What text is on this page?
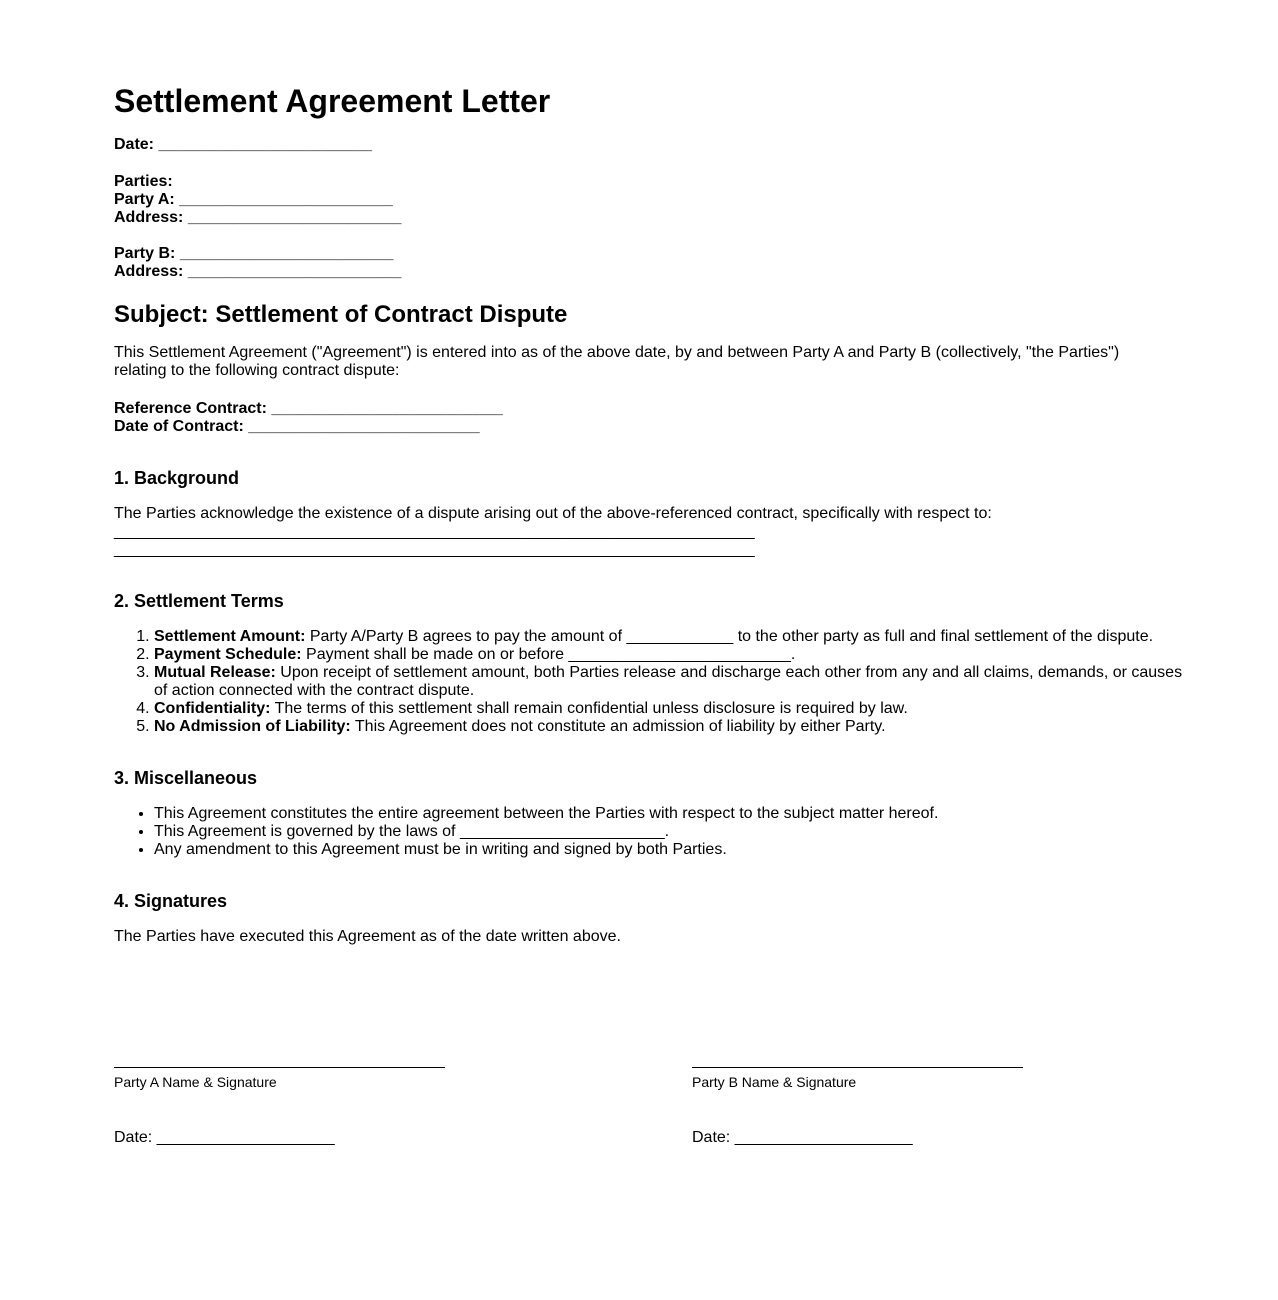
Settlement Agreement Letter
Date: ________________________
Parties:
Party A: ________________________
Address: ________________________
Party B: ________________________
Address: ________________________
Subject: Settlement of Contract Dispute

This Settlement Agreement ("Agreement") is entered into as of the above date, by and between Party A and Party B (collectively, "the Parties") relating to the following contract dispute:

Reference Contract: __________________________
Date of Contract: __________________________
1. Background
The Parties acknowledge the existence of a dispute arising out of the above-referenced contract, specifically with respect to:
________________________________________________________________________
________________________________________________________________________
2. Settlement Terms
1. Settlement Amount: Party A/Party B agrees to pay the amount of ____________ to the other party as full and final settlement of the dispute.
2. Payment Schedule: Payment shall be made on or before _________________________.
3. Mutual Release: Upon receipt of settlement amount, both Parties release and discharge each other from any and all claims, demands, or causes of action connected with the contract dispute.
4. Confidentiality: The terms of this settlement shall remain confidential unless disclosure is required by law.
5. No Admission of Liability: This Agreement does not constitute an admission of liability by either Party.
3. Miscellaneous
• This Agreement constitutes the entire agreement between the Parties with respect to the subject matter hereof.
• This Agreement is governed by the laws of _______________________.
• Any amendment to this Agreement must be in writing and signed by both Parties.
4. Signatures

The Parties have executed this Agreement as of the date written above.

Party A Name & Signature
Date: ____________________
Party B Name & Signature
Date: ____________________
